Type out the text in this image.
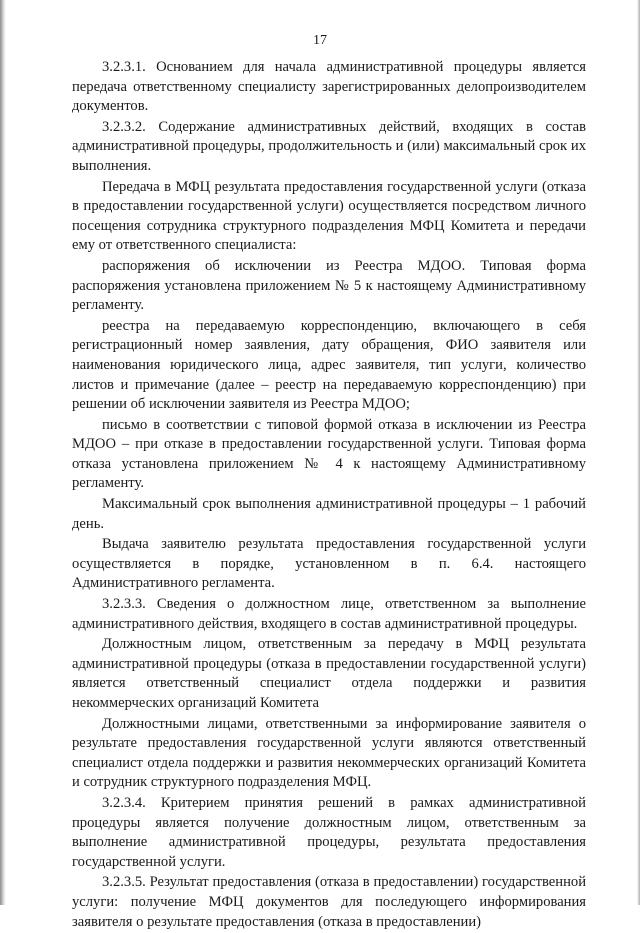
17

3.2.3.1. Основанием для начала административной процедуры является передача ответственному специалисту зарегистрированных делопроизводителем документов.

3.2.3.2. Содержание административных действий, входящих в состав административной процедуры, продолжительность и (или) максимальный срок их выполнения.

Передача в МФЦ результата предоставления государственной услуги (отказа в предоставлении государственной услуги) осуществляется посредством личного посещения сотрудника структурного подразделения МФЦ Комитета и передачи ему от ответственного специалиста:

распоряжения об исключении из Реестра МДОО. Типовая форма распоряжения установлена приложением № 5 к настоящему Административному регламенту.

реестра на передаваемую корреспонденцию, включающего в себя регистрационный номер заявления, дату обращения, ФИО заявителя или наименования юридического лица, адрес заявителя, тип услуги, количество листов и примечание (далее – реестр на передаваемую корреспонденцию) при решении об исключении заявителя из Реестра МДОО;

письмо в соответствии с типовой формой отказа в исключении из Реестра МДОО – при отказе в предоставлении государственной услуги. Типовая форма отказа установлена приложением № 4 к настоящему Административному регламенту.

Максимальный срок выполнения административной процедуры – 1 рабочий день.

Выдача заявителю результата предоставления государственной услуги осуществляется в порядке, установленном в п. 6.4. настоящего Административного регламента.

3.2.3.3. Сведения о должностном лице, ответственном за выполнение административного действия, входящего в состав административной процедуры.

Должностным лицом, ответственным за передачу в МФЦ результата административной процедуры (отказа в предоставлении государственной услуги) является ответственный специалист отдела поддержки и развития некоммерческих организаций Комитета

Должностными лицами, ответственными за информирование заявителя о результате предоставления государственной услуги являются ответственный специалист отдела поддержки и развития некоммерческих организаций Комитета и сотрудник структурного подразделения МФЦ.

3.2.3.4. Критерием принятия решений в рамках административной процедуры является получение должностным лицом, ответственным за выполнение административной процедуры, результата предоставления государственной услуги.

3.2.3.5. Результат предоставления (отказа в предоставлении) государственной услуги: получение МФЦ документов для последующего информирования заявителя о результате предоставления (отказа в предоставлении)
